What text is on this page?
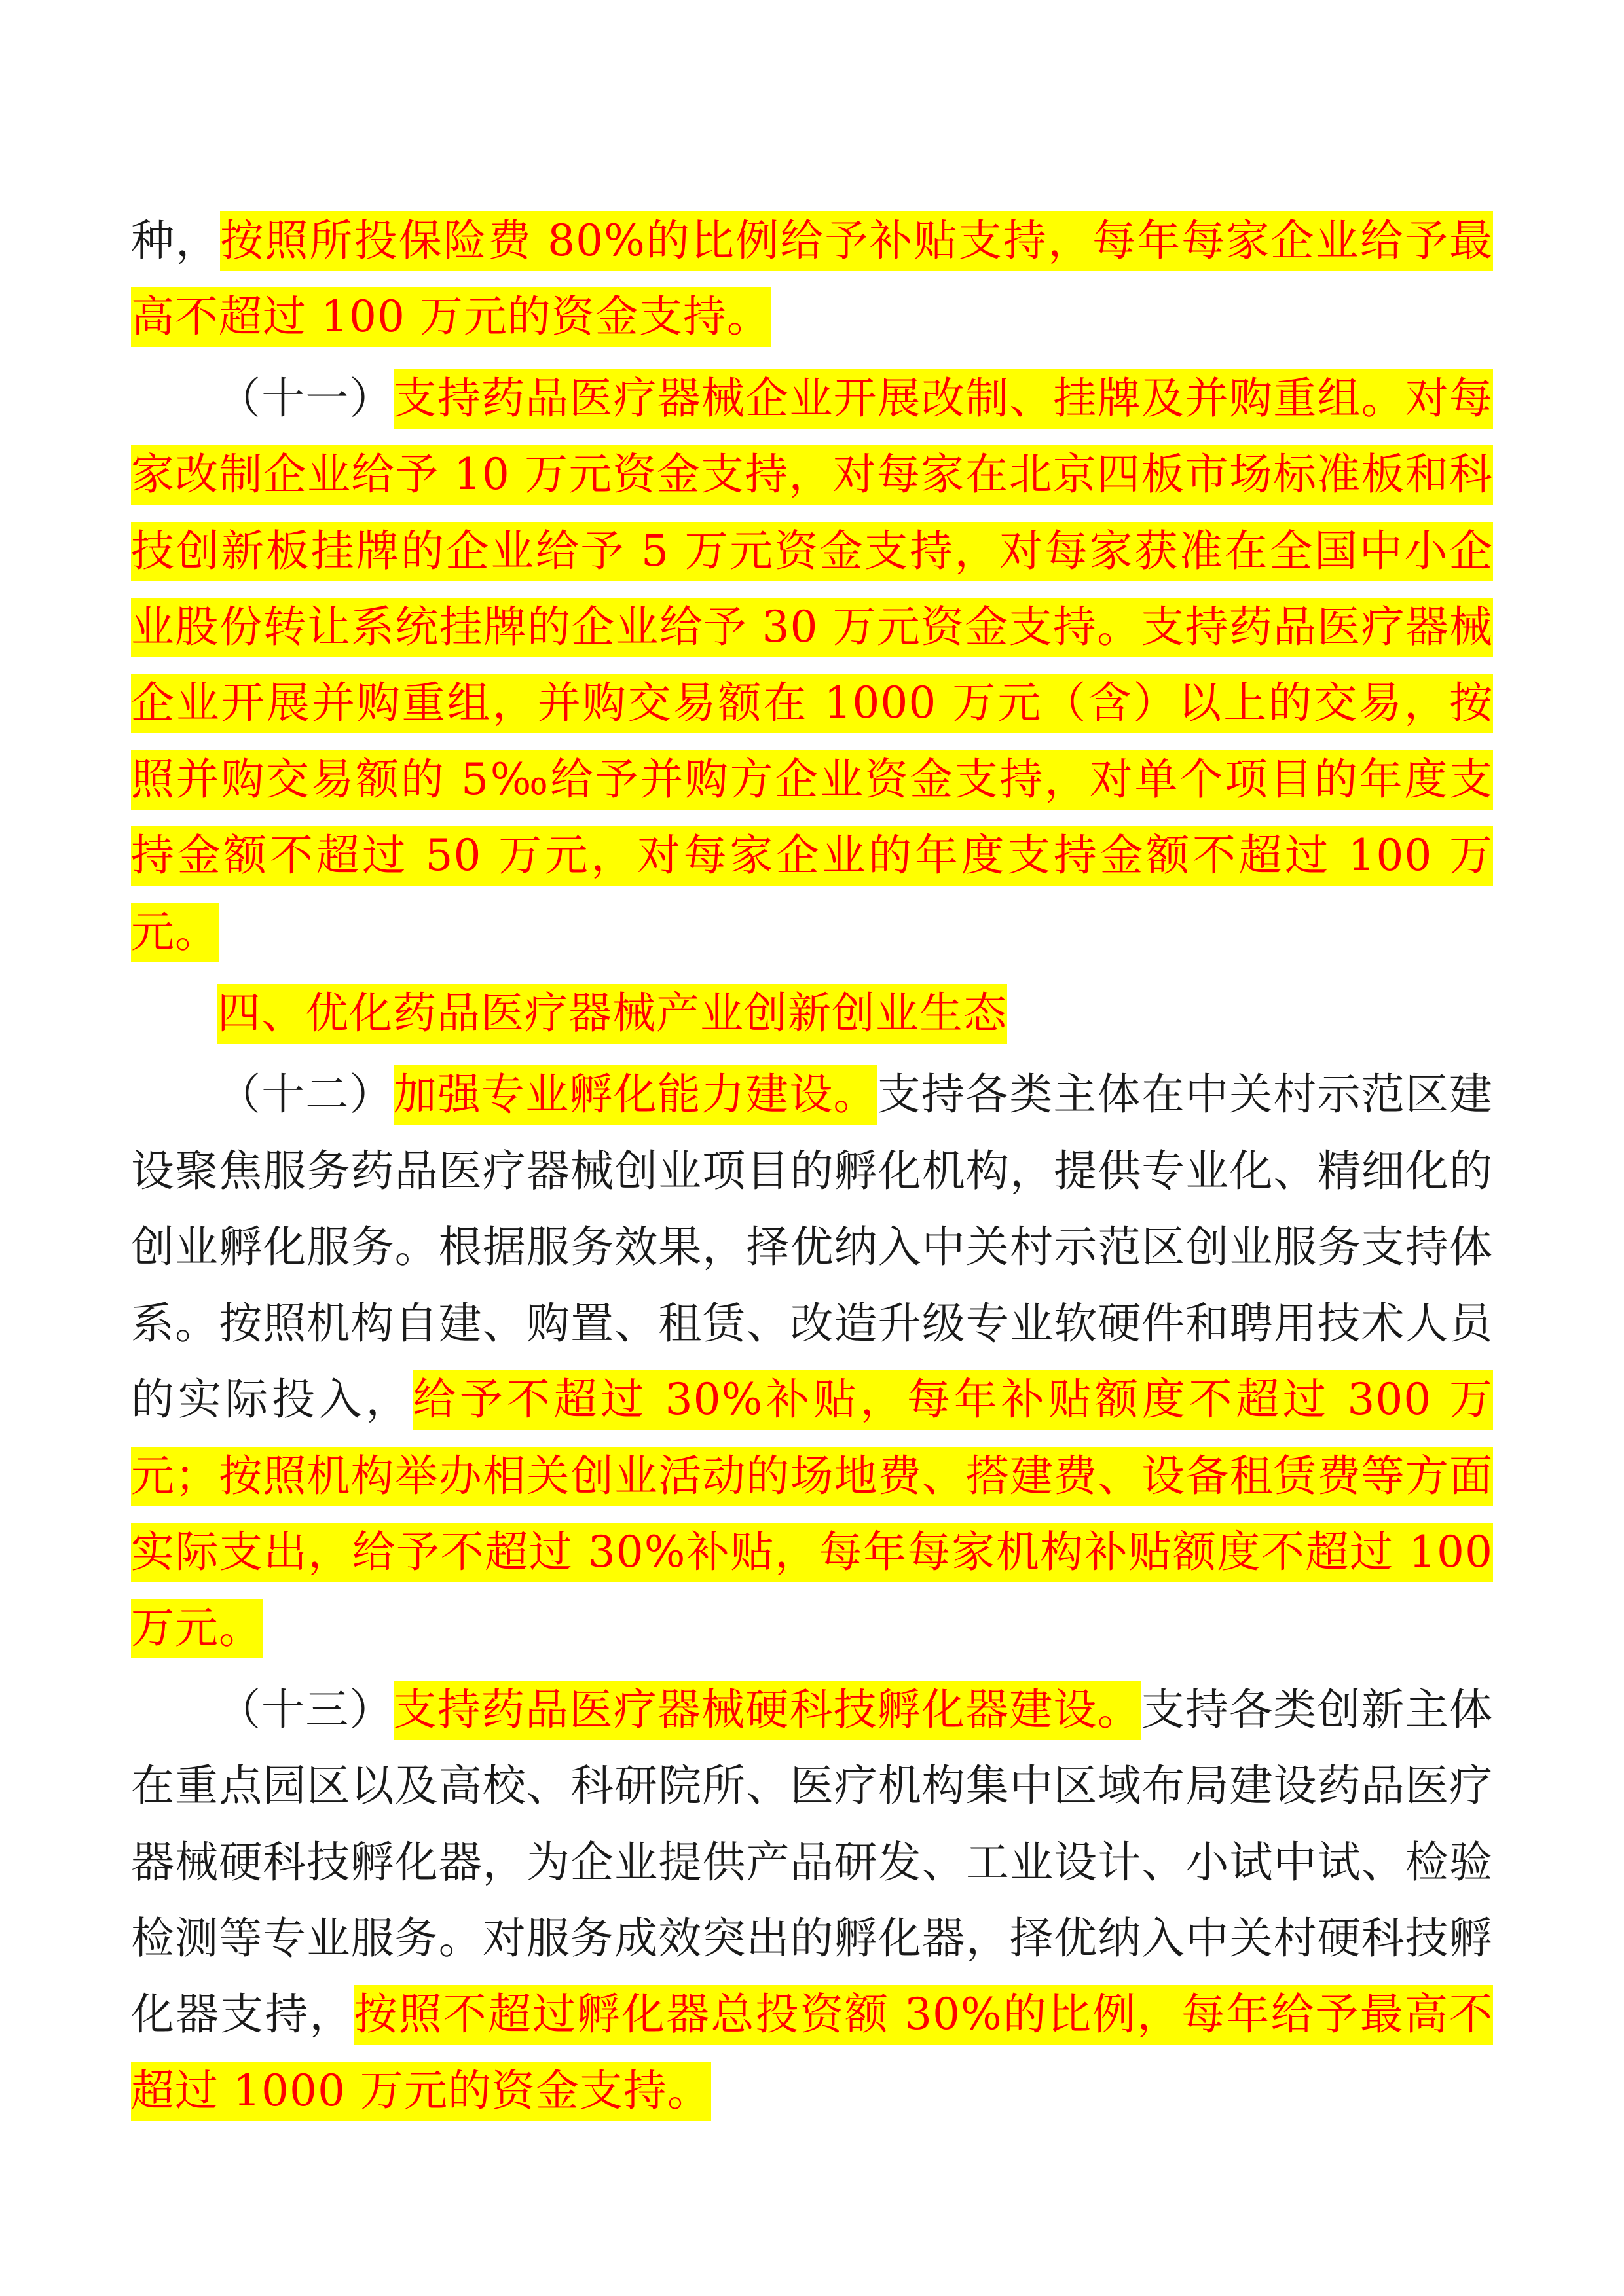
种，按照所投保险费 80%的比例给予补贴支持，每年每家企业给予最高不超过 100 万元的资金支持。

（十一）支持药品医疗器械企业开展改制、挂牌及并购重组。对每家改制企业给予 10 万元资金支持，对每家在北京四板市场标准板和科技创新板挂牌的企业给予 5 万元资金支持，对每家获准在全国中小企业股份转让系统挂牌的企业给予 30 万元资金支持。支持药品医疗器械企业开展并购重组，并购交易额在 1000 万元（含）以上的交易，按照并购交易额的 5‰给予并购方企业资金支持，对单个项目的年度支持金额不超过 50 万元，对每家企业的年度支持金额不超过 100 万元。

四、优化药品医疗器械产业创新创业生态

（十二）加强专业孵化能力建设。支持各类主体在中关村示范区建设聚焦服务药品医疗器械创业项目的孵化机构，提供专业化、精细化的创业孵化服务。根据服务效果，择优纳入中关村示范区创业服务支持体系。按照机构自建、购置、租赁、改造升级专业软硬件和聘用技术人员的实际投入，给予不超过 30%补贴，每年补贴额度不超过 300 万元；按照机构举办相关创业活动的场地费、搭建费、设备租赁费等方面实际支出，给予不超过 30%补贴，每年每家机构补贴额度不超过 100 万元。

（十三）支持药品医疗器械硬科技孵化器建设。支持各类创新主体在重点园区以及高校、科研院所、医疗机构集中区域布局建设药品医疗器械硬科技孵化器，为企业提供产品研发、工业设计、小试中试、检验检测等专业服务。对服务成效突出的孵化器，择优纳入中关村硬科技孵化器支持，按照不超过孵化器总投资额 30%的比例，每年给予最高不超过 1000 万元的资金支持。
